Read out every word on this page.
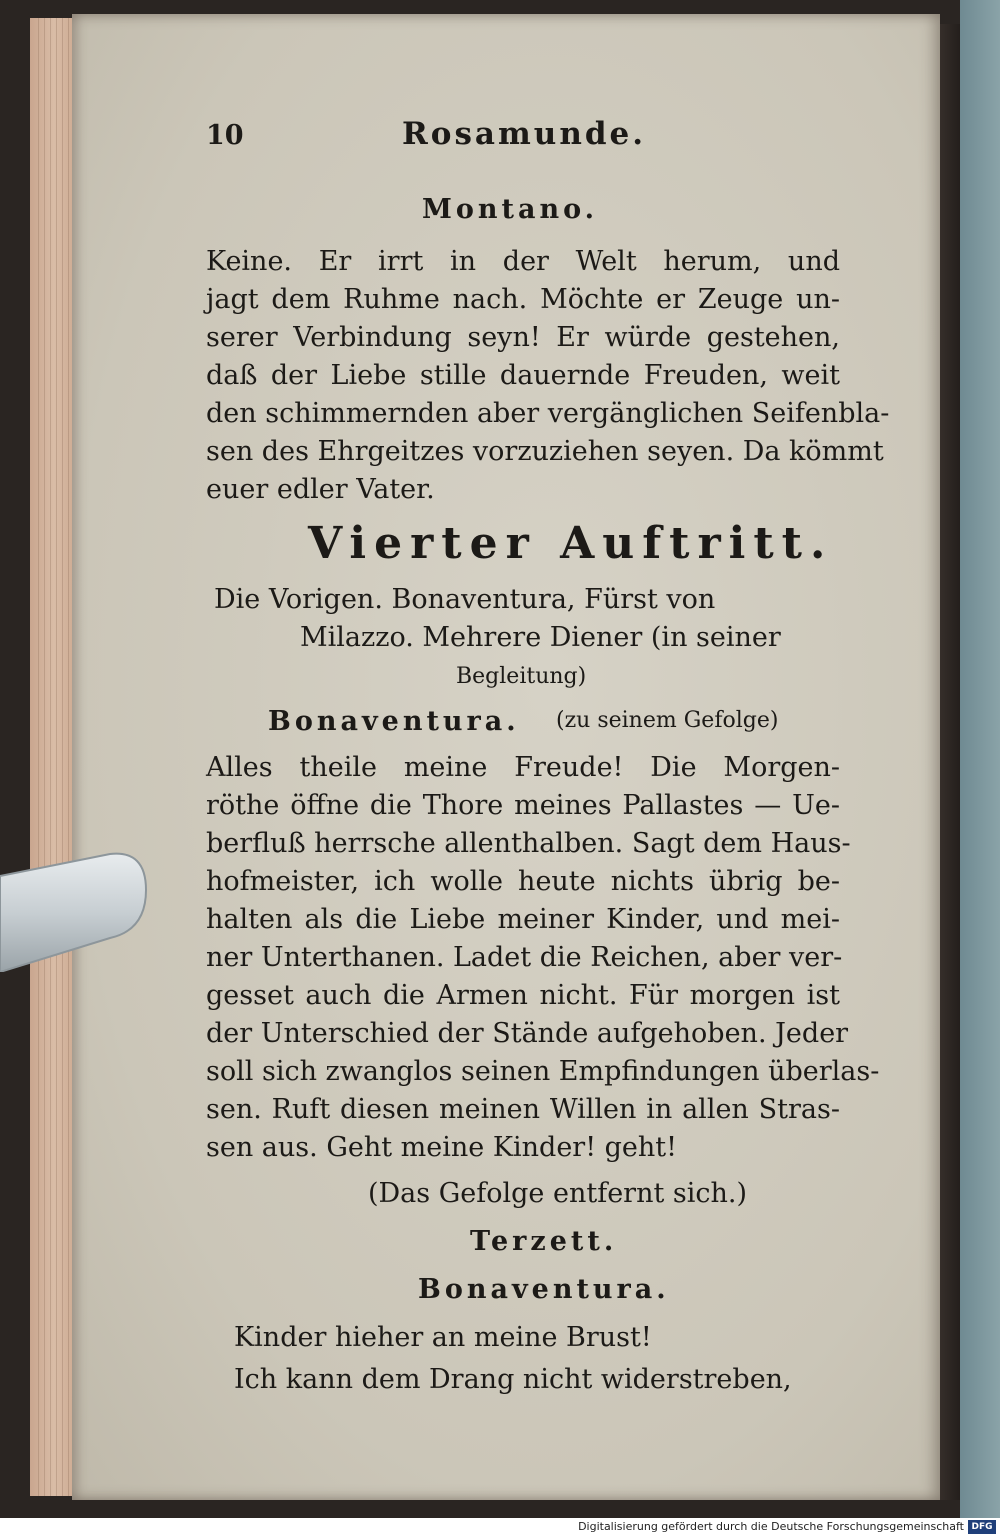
10	Rosamunde.
Montano.
Keine. Er irrt in der Welt herum, und
jagt dem Ruhme nach. Möchte er Zeuge un-
serer Verbindung seyn! Er würde gestehen,
daß der Liebe stille dauernde Freuden, weit
den schimmernden aber vergänglichen Seifenbla-
sen des Ehrgeitzes vorzuziehen seyen. Da kömmt
euer edler Vater.
Vierter Auftritt.
Die Vorigen. Bonaventura, Fürst von
Milazzo. Mehrere Diener (in seiner
Begleitung)
Bonaventura. (zu seinem Gefolge)
Alles theile meine Freude! Die Morgen-
röthe öffne die Thore meines Pallastes — Ue-
berfluß herrsche allenthalben. Sagt dem Haus-
hofmeister, ich wolle heute nichts übrig be-
halten als die Liebe meiner Kinder, und mei-
ner Unterthanen. Ladet die Reichen, aber ver-
gesset auch die Armen nicht. Für morgen ist
der Unterschied der Stände aufgehoben. Jeder
soll sich zwanglos seinen Empfindungen überlas-
sen. Ruft diesen meinen Willen in allen Stras-
sen aus. Geht meine Kinder! geht!
(Das Gefolge entfernt sich.)
Terzett.
Bonaventura.
Kinder hieher an meine Brust!
Ich kann dem Drang nicht widerstreben,
Digitalisierung gefördert durch die Deutsche Forschungsgemeinschaft DFG
